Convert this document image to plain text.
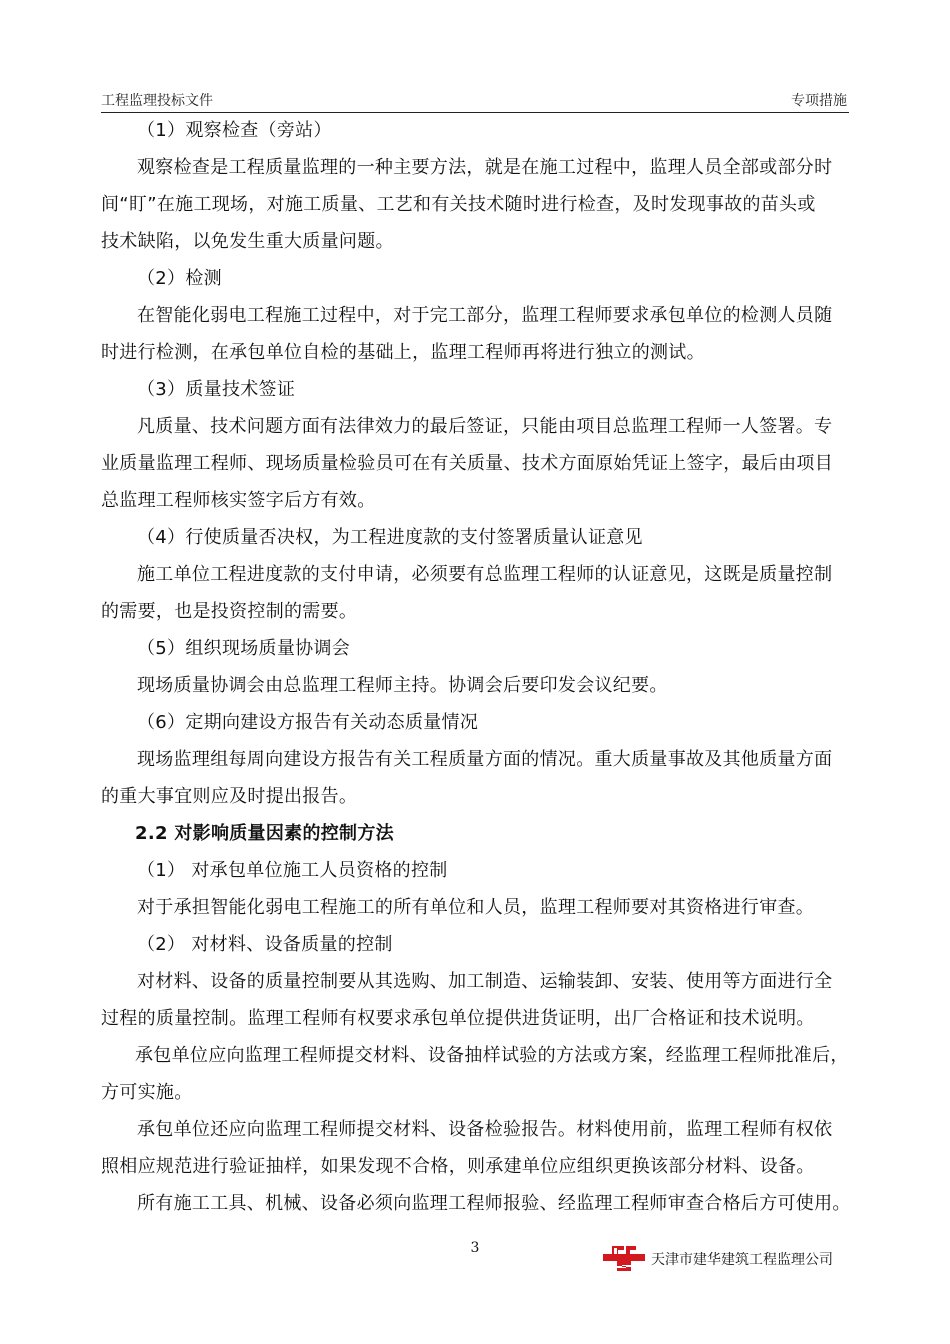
工程监理投标文件	专项措施

（1）观察检查（旁站）

观察检查是工程质量监理的一种主要方法，就是在施工过程中，监理人员全部或部分时

间“盯”在施工现场，对施工质量、工艺和有关技术随时进行检查，及时发现事故的苗头或

技术缺陷，以免发生重大质量问题。

（2）检测

在智能化弱电工程施工过程中，对于完工部分，监理工程师要求承包单位的检测人员随

时进行检测，在承包单位自检的基础上，监理工程师再将进行独立的测试。

（3）质量技术签证

凡质量、技术问题方面有法律效力的最后签证，只能由项目总监理工程师一人签署。专

业质量监理工程师、现场质量检验员可在有关质量、技术方面原始凭证上签字，最后由项目

总监理工程师核实签字后方有效。

（4）行使质量否决权，为工程进度款的支付签署质量认证意见

施工单位工程进度款的支付申请，必须要有总监理工程师的认证意见，这既是质量控制

的需要，也是投资控制的需要。

（5）组织现场质量协调会

现场质量协调会由总监理工程师主持。协调会后要印发会议纪要。

（6）定期向建设方报告有关动态质量情况

现场监理组每周向建设方报告有关工程质量方面的情况。重大质量事故及其他质量方面

的重大事宜则应及时提出报告。

2.2 对影响质量因素的控制方法

（1） 对承包单位施工人员资格的控制

对于承担智能化弱电工程施工的所有单位和人员，监理工程师要对其资格进行审查。

（2） 对材料、设备质量的控制

对材料、设备的质量控制要从其选购、加工制造、运输装卸、安装、使用等方面进行全

过程的质量控制。监理工程师有权要求承包单位提供进货证明，出厂合格证和技术说明。

承包单位应向监理工程师提交材料、设备抽样试验的方法或方案，经监理工程师批准后，

方可实施。

承包单位还应向监理工程师提交材料、设备检验报告。材料使用前，监理工程师有权依

照相应规范进行验证抽样，如果发现不合格，则承建单位应组织更换该部分材料、设备。

所有施工工具、机械、设备必须向监理工程师报验、经监理工程师审查合格后方可使用。

3
天津市建华建筑工程监理公司
